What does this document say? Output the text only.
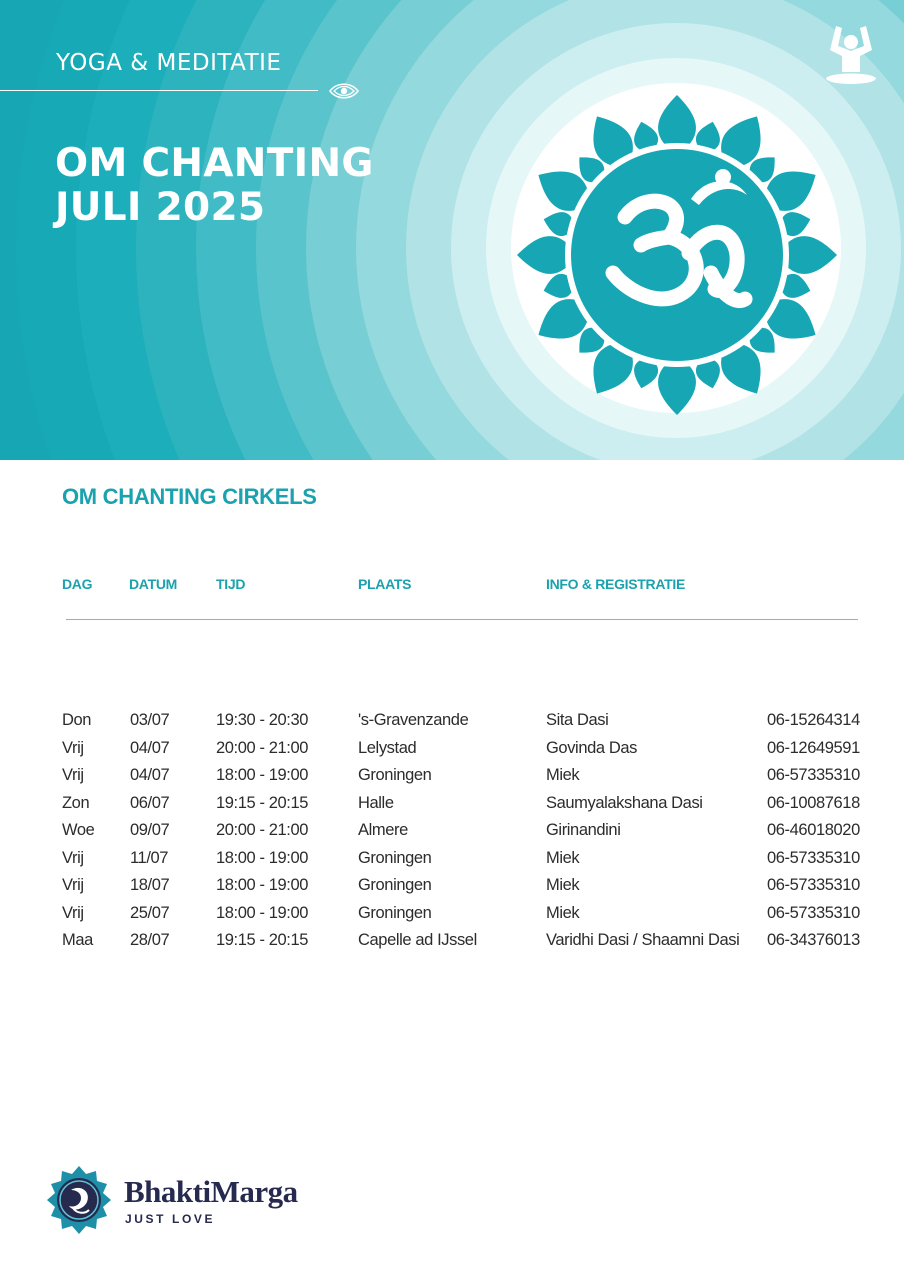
YOGA & MEDITATIE
OM CHANTING
JULI 2025
OM CHANTING CIRKELS
DAG	DATUM	TIJD	PLAATS	INFO & REGISTRATIE
Don 03/07	19:30 - 20:30	's-Gravenzande	Sita Dasi	06-15264314
Vrij	04/07	20:00 - 21:00	Lelystad	Govinda Das	06-12649591
Vrij	04/07	18:00 - 19:00	Groningen	Miek	06-57335310
Zon 06/07	19:15 - 20:15	Halle	Saumyalakshana Dasi	06-10087618
Woe 09/07	20:00 - 21:00	Almere	Girinandini	06-46018020
Vrij	11/07	18:00 - 19:00	Groningen	Miek	06-57335310
Vrij	18/07	18:00 - 19:00	Groningen	Miek	06-57335310
Vrij	25/07	18:00 - 19:00	Groningen	Miek	06-57335310
Maa 28/07	19:15 - 20:15	Capelle ad IJssel	Varidhi Dasi / Shaamni Dasi 06-34376013
BhaktiMarga
JUST LOVE
